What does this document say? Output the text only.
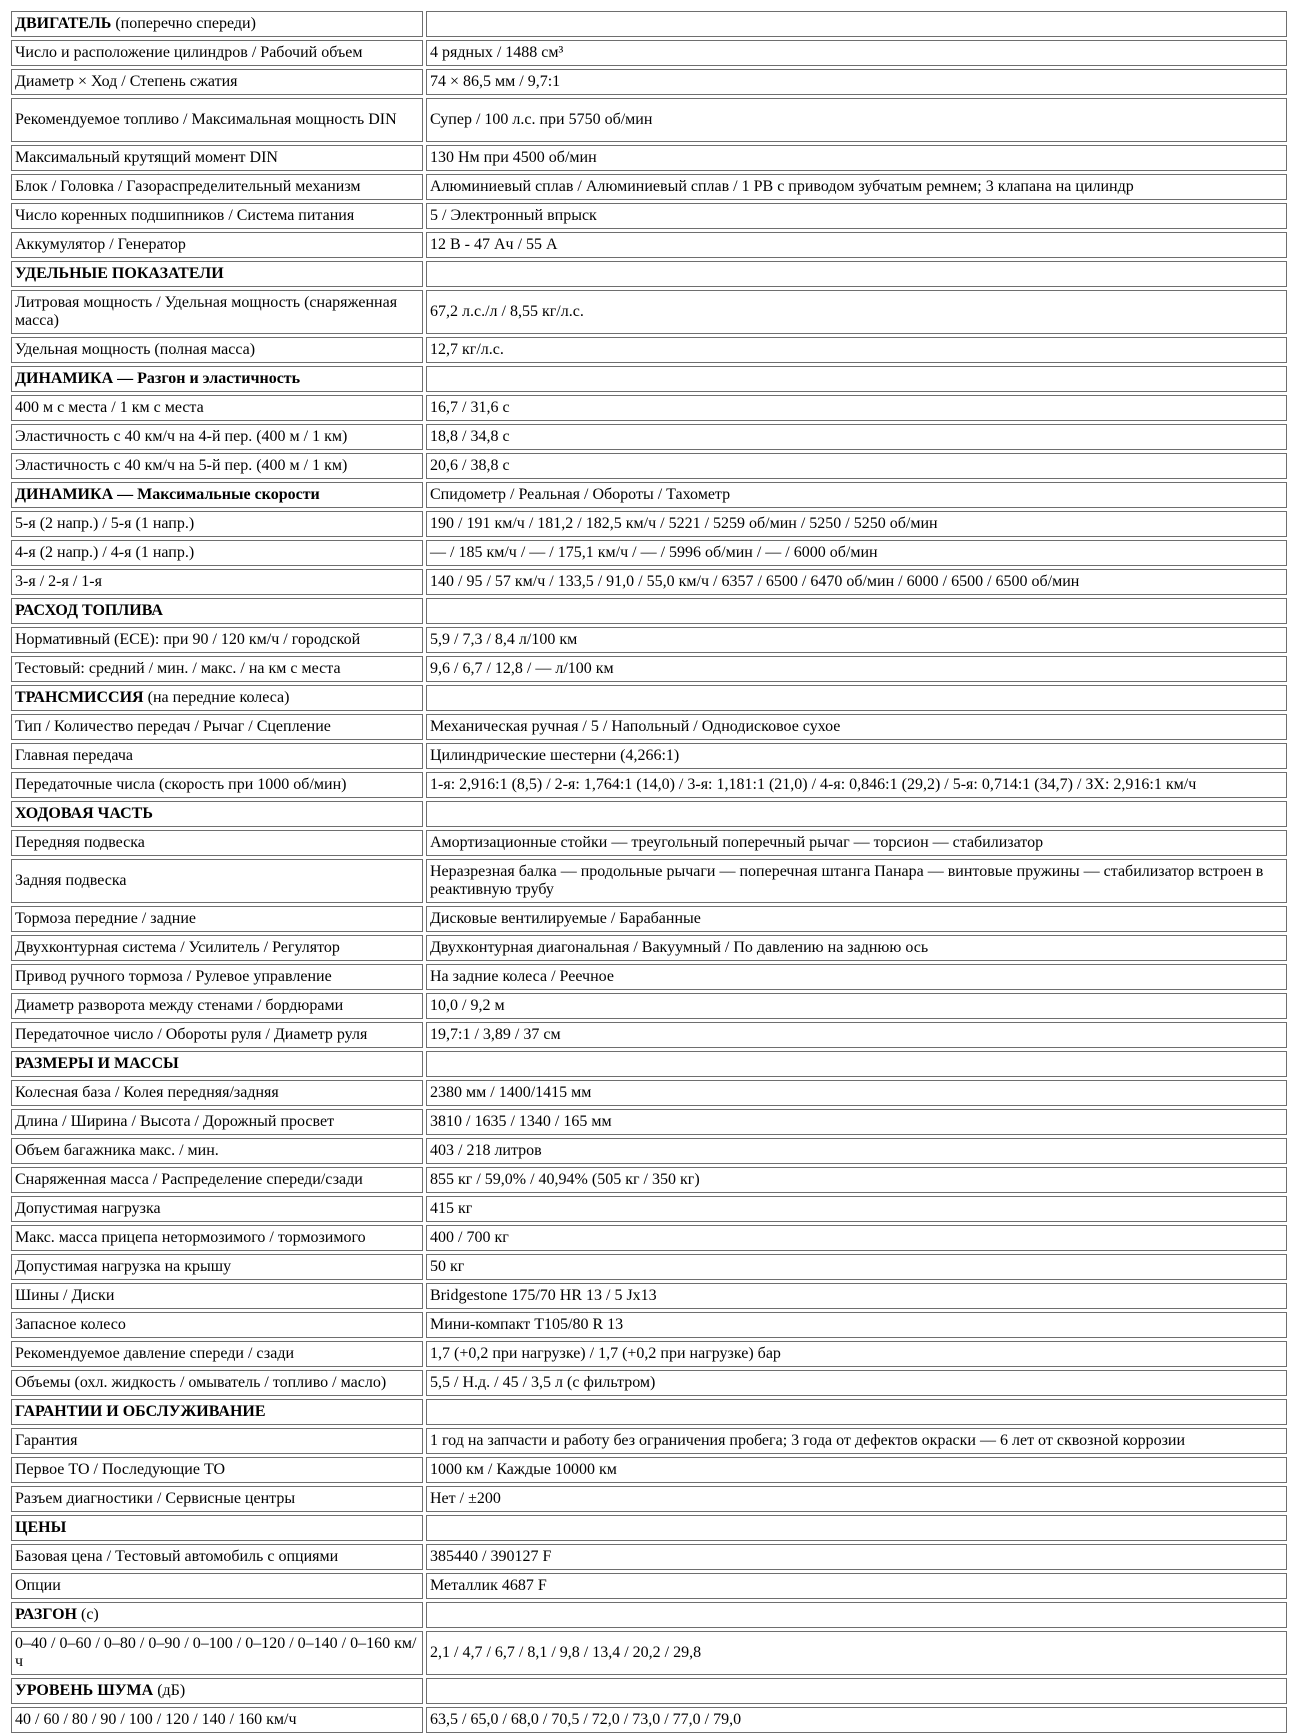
ДВИГАТЕЛЬ (поперечно спереди)	
Число и расположение цилиндров / Рабочий объем	4 рядных / 1488 см³
Диаметр × Ход / Степень сжатия	74 × 86,5 мм / 9,7:1
Рекомендуемое топливо / Максимальная мощность DIN	Супер / 100 л.с. при 5750 об/мин
Максимальный крутящий момент DIN	130 Нм при 4500 об/мин
Блок / Головка / Газораспределительный механизм	Алюминиевый сплав / Алюминиевый сплав / 1 РВ с приводом зубчатым ремнем; 3 клапана на цилиндр
Число коренных подшипников / Система питания	5 / Электронный впрыск
Аккумулятор / Генератор	12 В - 47 Ач / 55 А
УДЕЛЬНЫЕ ПОКАЗАТЕЛИ	
Литровая мощность / Удельная мощность (снаряженная масса)	67,2 л.с./л / 8,55 кг/л.с.
Удельная мощность (полная масса)	12,7 кг/л.с.
ДИНАМИКА — Разгон и эластичность	
400 м с места / 1 км с места	16,7 / 31,6 с
Эластичность с 40 км/ч на 4-й пер. (400 м / 1 км)	18,8 / 34,8 с
Эластичность с 40 км/ч на 5-й пер. (400 м / 1 км)	20,6 / 38,8 с
ДИНАМИКА — Максимальные скорости	Спидометр / Реальная / Обороты / Тахометр
5-я (2 напр.) / 5-я (1 напр.)	190 / 191 км/ч / 181,2 / 182,5 км/ч / 5221 / 5259 об/мин / 5250 / 5250 об/мин
4-я (2 напр.) / 4-я (1 напр.)	— / 185 км/ч / — / 175,1 км/ч / — / 5996 об/мин / — / 6000 об/мин
3-я / 2-я / 1-я	140 / 95 / 57 км/ч / 133,5 / 91,0 / 55,0 км/ч / 6357 / 6500 / 6470 об/мин / 6000 / 6500 / 6500 об/мин
РАСХОД ТОПЛИВА	
Нормативный (ЕСЕ): при 90 / 120 км/ч / городской	5,9 / 7,3 / 8,4 л/100 км
Тестовый: средний / мин. / макс. / на км с места	9,6 / 6,7 / 12,8 / — л/100 км
ТРАНСМИССИЯ (на передние колеса)	
Тип / Количество передач / Рычаг / Сцепление	Механическая ручная / 5 / Напольный / Однодисковое сухое
Главная передача	Цилиндрические шестерни (4,266:1)
Передаточные числа (скорость при 1000 об/мин)	1-я: 2,916:1 (8,5) / 2-я: 1,764:1 (14,0) / 3-я: 1,181:1 (21,0) / 4-я: 0,846:1 (29,2) / 5-я: 0,714:1 (34,7) / ЗХ: 2,916:1 км/ч
ХОДОВАЯ ЧАСТЬ	
Передняя подвеска	Амортизационные стойки — треугольный поперечный рычаг — торсион — стабилизатор
Задняя подвеска	Неразрезная балка — продольные рычаги — поперечная штанга Панара — винтовые пружины — стабилизатор встроен в реактивную трубу
Тормоза передние / задние	Дисковые вентилируемые / Барабанные
Двухконтурная система / Усилитель / Регулятор	Двухконтурная диагональная / Вакуумный / По давлению на заднюю ось
Привод ручного тормоза / Рулевое управление	На задние колеса / Реечное
Диаметр разворота между стенами / бордюрами	10,0 / 9,2 м
Передаточное число / Обороты руля / Диаметр руля	19,7:1 / 3,89 / 37 см
РАЗМЕРЫ И МАССЫ	
Колесная база / Колея передняя/задняя	2380 мм / 1400/1415 мм
Длина / Ширина / Высота / Дорожный просвет	3810 / 1635 / 1340 / 165 мм
Объем багажника макс. / мин.	403 / 218 литров
Снаряженная масса / Распределение спереди/сзади	855 кг / 59,0% / 40,94% (505 кг / 350 кг)
Допустимая нагрузка	415 кг
Макс. масса прицепа нетормозимого / тормозимого	400 / 700 кг
Допустимая нагрузка на крышу	50 кг
Шины / Диски	Bridgestone 175/70 HR 13 / 5 Jx13
Запасное колесо	Мини-компакт T105/80 R 13
Рекомендуемое давление спереди / сзади	1,7 (+0,2 при нагрузке) / 1,7 (+0,2 при нагрузке) бар
Объемы (охл. жидкость / омыватель / топливо / масло)	5,5 / Н.д. / 45 / 3,5 л (с фильтром)
ГАРАНТИИ И ОБСЛУЖИВАНИЕ	
Гарантия	1 год на запчасти и работу без ограничения пробега; 3 года от дефектов окраски — 6 лет от сквозной коррозии
Первое ТО / Последующие ТО	1000 км / Каждые 10000 км
Разъем диагностики / Сервисные центры	Нет / ±200
ЦЕНЫ	
Базовая цена / Тестовый автомобиль с опциями	385440 / 390127 F
Опции	Металлик 4687 F
РАЗГОН (с)	
0–40 / 0–60 / 0–80 / 0–90 / 0–100 / 0–120 / 0–140 / 0–160 км/ч	2,1 / 4,7 / 6,7 / 8,1 / 9,8 / 13,4 / 20,2 / 29,8
УРОВЕНЬ ШУМА (дБ)	
40 / 60 / 80 / 90 / 100 / 120 / 140 / 160 км/ч	63,5 / 65,0 / 68,0 / 70,5 / 72,0 / 73,0 / 77,0 / 79,0
